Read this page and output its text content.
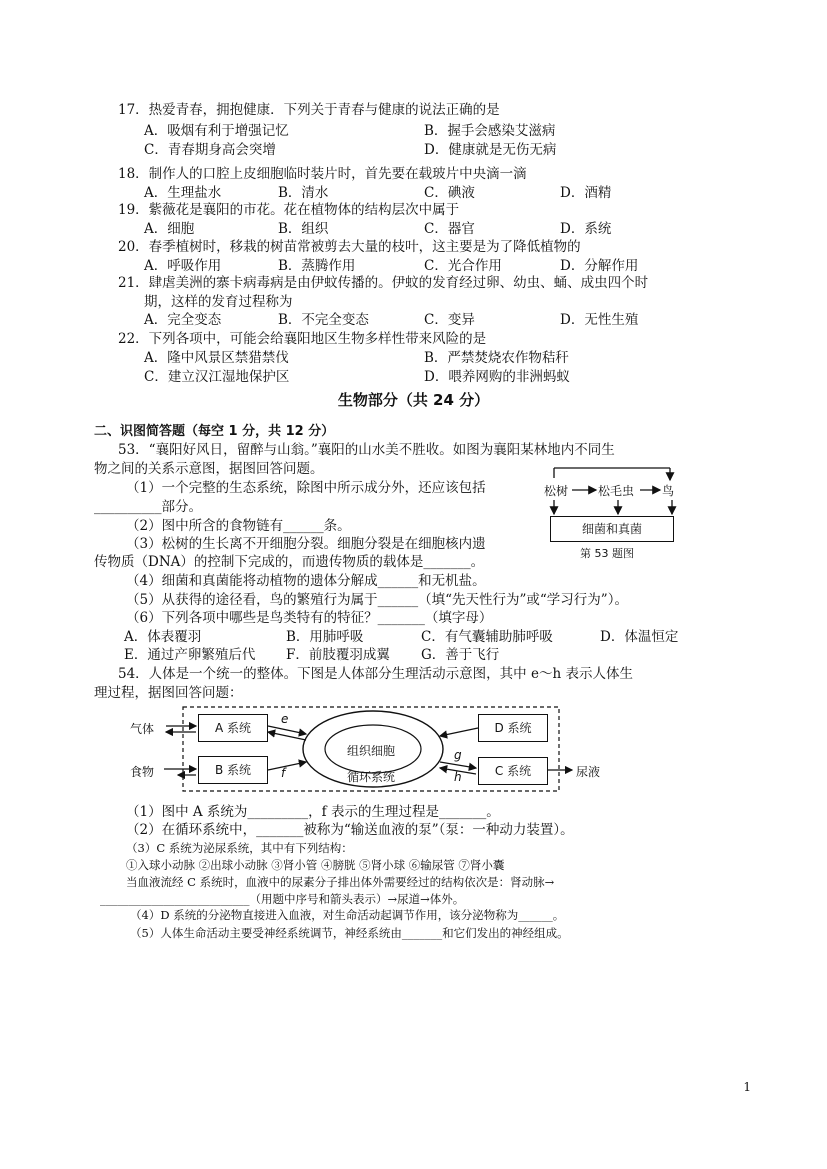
17．热爱青春，拥抱健康．下列关于青春与健康的说法正确的是
A．吸烟有利于增强记忆	B．握手会感染艾滋病
C．青春期身高会突增	D．健康就是无伤无病
18．制作人的口腔上皮细胞临时装片时，首先要在载玻片中央滴一滴
A．生理盐水	B．清水	C．碘液	D．酒精
19．紫薇花是襄阳的市花。花在植物体的结构层次中属于
A．细胞	B．组织	C．器官	D．系统
20．春季植树时，移栽的树苗常被剪去大量的枝叶，这主要是为了降低植物的
A．呼吸作用	B．蒸腾作用	C．光合作用	D．分解作用
21．肆虐美洲的寨卡病毒病是由伊蚊传播的。伊蚊的发育经过卵、幼虫、蛹、成虫四个时
期，这样的发育过程称为
A．完全变态	B．不完全变态	C．变异	D．无性生殖
22．下列各项中，可能会给襄阳地区生物多样性带来风险的是
A．隆中风景区禁猎禁伐	B．严禁焚烧农作物秸秆
C．建立汉江湿地保护区	D．喂养网购的非洲蚂蚁
生物部分（共 24 分）
二、识图简答题（每空 1 分，共 12 分）
53．“襄阳好风日，留醉与山翁。”襄阳的山水美不胜收。如图为襄阳某林地内不同生
物之间的关系示意图，据图回答问题。
（1）一个完整的生态系统，除图中所示成分外，还应该包括
__________部分。
（2）图中所含的食物链有______条。
（3）松树的生长离不开细胞分裂。细胞分裂是在细胞核内遗
传物质（DNA）的控制下完成的，而遗传物质的载体是_______。
（4）细菌和真菌能将动植物的遗体分解成______和无机盐。
（5）从获得的途径看，鸟的繁殖行为属于______（填“先天性行为”或“学习行为”）。
（6）下列各项中哪些是鸟类特有的特征？_______（填字母）
A．体表覆羽	B．用肺呼吸	C．有气囊辅助肺呼吸	D．体温恒定
E．通过产卵繁殖后代 F．前肢覆羽成翼 G．善于飞行
松树 松毛虫 鸟
细菌和真菌
第 53 题图
54．人体是一个统一的整体。下图是人体部分生理活动示意图，其中 e～h 表示人体生
理过程，据图回答问题：
气体
食物
A 系统
B 系统
D 系统
C 系统
组织细胞
循环系统	尿液
e
f
g
h
（1）图中 A 系统为_________，f 表示的生理过程是_______。
（2）在循环系统中，_______被称为“输送血液的泵”（泵：一种动力装置）。
（3）C 系统为泌尿系统，其中有下列结构：
①入球小动脉 ②出球小动脉 ③肾小管 ④膀胱 ⑤肾小球 ⑥输尿管 ⑦肾小囊
当血液流经 C 系统时，血液中的尿素分子排出体外需要经过的结构依次是：肾动脉→
__________________________（用题中序号和箭头表示）→尿道→体外。
（4）D 系统的分泌物直接进入血液，对生命活动起调节作用，该分泌物称为______。
（5）人体生命活动主要受神经系统调节，神经系统由_______和它们发出的神经组成。
1
